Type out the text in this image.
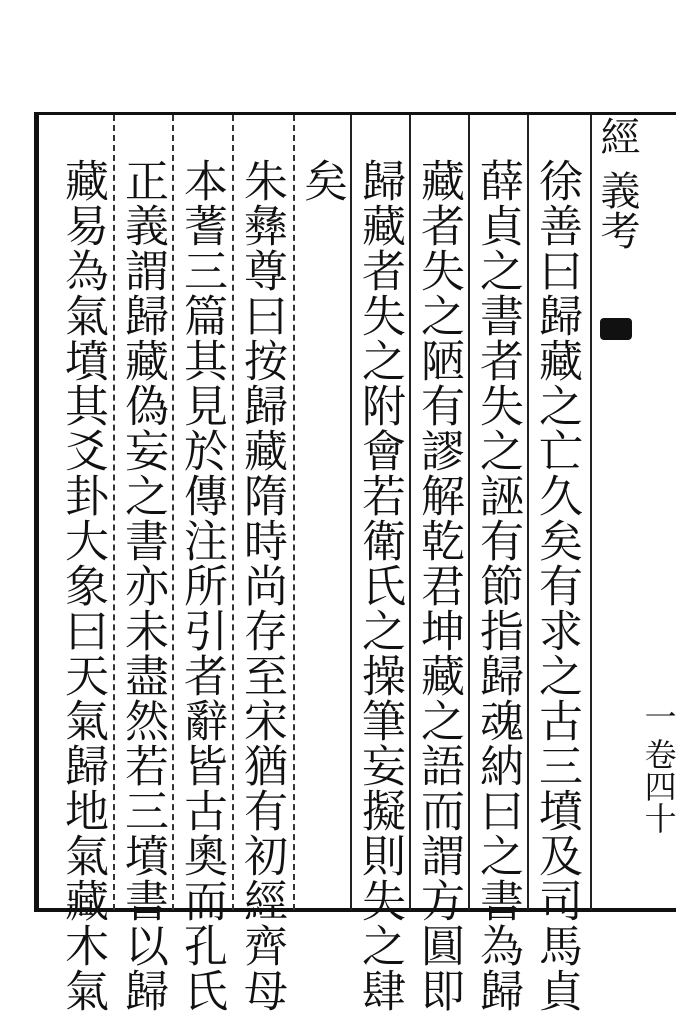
經
義考
卷四十
一
徐善曰歸藏之亡久矣有求之古三墳及司馬貞
薛貞之書者失之誣有節指歸魂納曰之書為歸
藏者失之陋有謬解乾君坤藏之語而謂方圓即
歸藏者失之附會若衛氏之操筆妄擬則失之肆
矣
朱彝尊曰按歸藏隋時尚存至宋猶有初經齊母
本蓍三篇其見於傳注所引者辭皆古奧而孔氏
正義謂歸藏偽妄之書亦未盡然若三墳書以歸
藏易為氣墳其爻卦大象曰天氣歸地氣藏木氣
